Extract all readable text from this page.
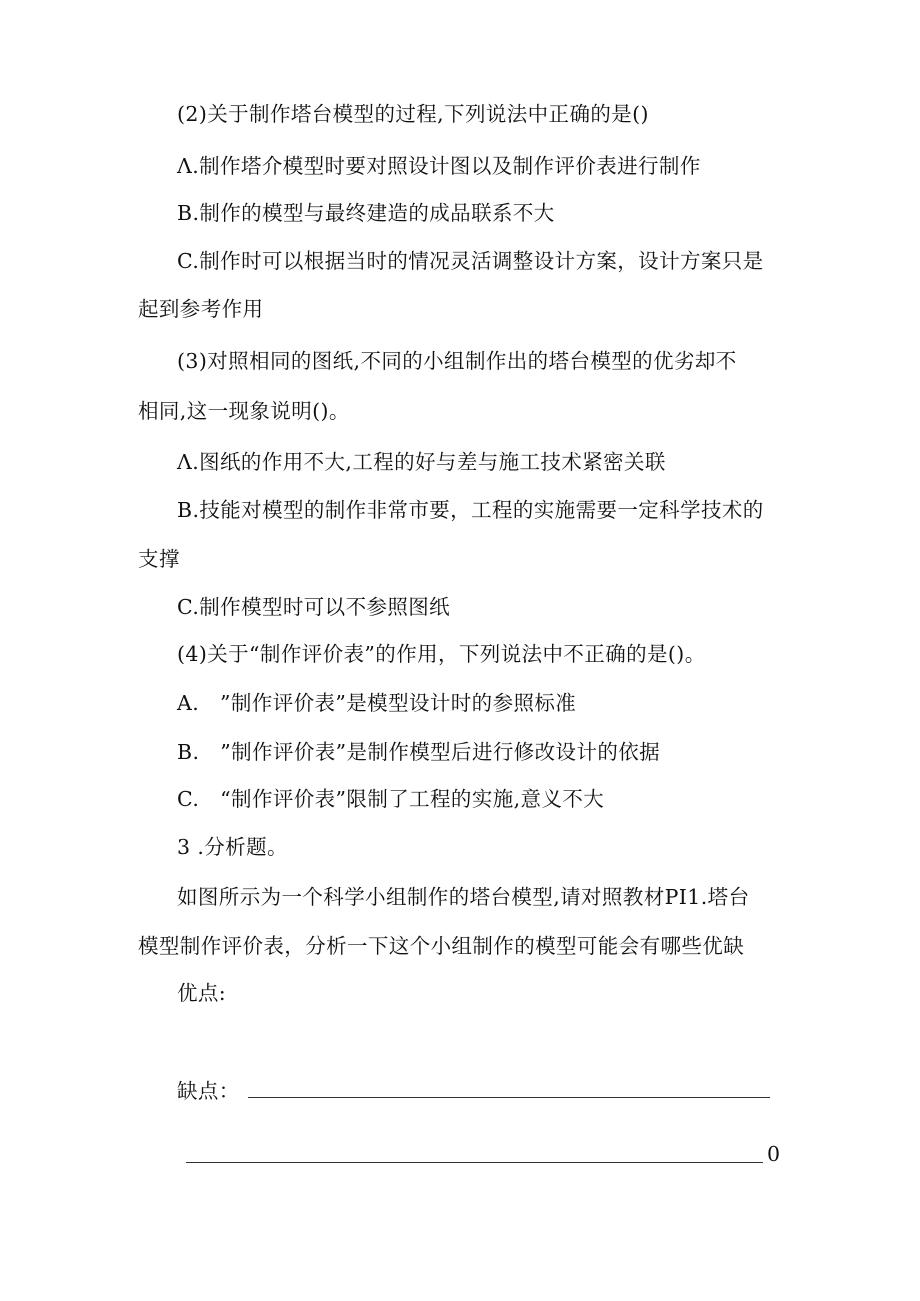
(2)关于制作塔台模型的过程,下列说法中正确的是()
Λ.制作塔介模型时要对照设计图以及制作评价表进行制作
B.制作的模型与最终建造的成品联系不大
C.制作时可以根据当时的情况灵活调整设计方案，设计方案只是
起到参考作用
(3)对照相同的图纸,不同的小组制作出的塔台模型的优劣却不
相同,这一现象说明()。
Λ.图纸的作用不大,工程的好与差与施工技术紧密关联
B.技能对模型的制作非常市要，工程的实施需要一定科学技术的
支撑
C.制作模型时可以不参照图纸
(4)关于“制作评价表”的作用，下列说法中不正确的是()。
A.　”制作评价表”是模型设计时的参照标准
B.　”制作评价表”是制作模型后进行修改设计的依据
C.　“制作评价表”限制了工程的实施,意义不大
3 .分析题。
如图所示为一个科学小组制作的塔台模型,请对照教材PI1.塔台
模型制作评价表，分析一下这个小组制作的模型可能会有哪些优缺
优点:
缺点：
0
